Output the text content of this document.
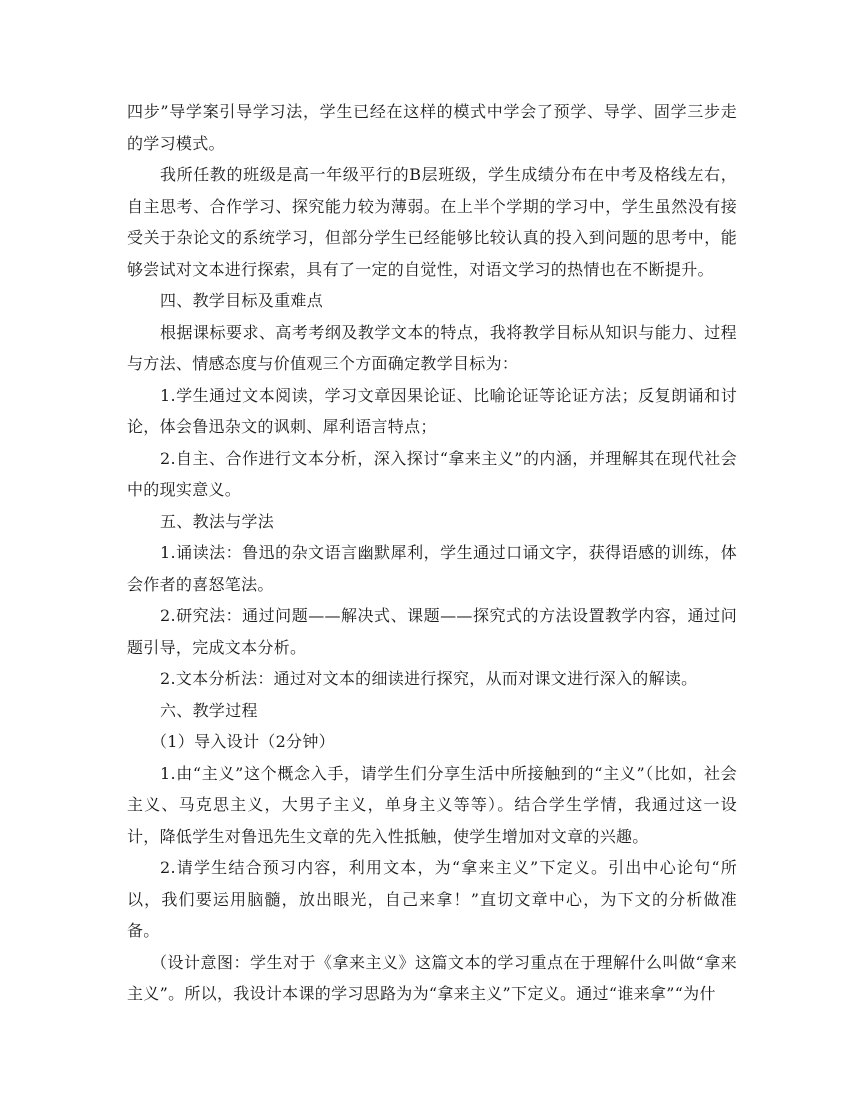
四步”导学案引导学习法，学生已经在这样的模式中学会了预学、导学、固学三步走的学习模式。

我所任教的班级是高一年级平行的B层班级，学生成绩分布在中考及格线左右，自主思考、合作学习、探究能力较为薄弱。在上半个学期的学习中，学生虽然没有接受关于杂论文的系统学习，但部分学生已经能够比较认真的投入到问题的思考中，能够尝试对文本进行探索，具有了一定的自觉性，对语文学习的热情也在不断提升。

四、教学目标及重难点

根据课标要求、高考考纲及教学文本的特点，我将教学目标从知识与能力、过程与方法、情感态度与价值观三个方面确定教学目标为：

1.学生通过文本阅读，学习文章因果论证、比喻论证等论证方法；反复朗诵和讨论，体会鲁迅杂文的讽刺、犀利语言特点；

2.自主、合作进行文本分析，深入探讨“拿来主义”的内涵，并理解其在现代社会中的现实意义。

五、教法与学法

1.诵读法：鲁迅的杂文语言幽默犀利，学生通过口诵文字，获得语感的训练，体会作者的喜怒笔法。

2.研究法：通过问题——解决式、课题——探究式的方法设置教学内容，通过问题引导，完成文本分析。

2.文本分析法：通过对文本的细读进行探究，从而对课文进行深入的解读。

六、教学过程

（1）导入设计（2分钟）

1.由“主义”这个概念入手，请学生们分享生活中所接触到的“主义”（比如，社会主义、马克思主义，大男子主义，单身主义等等）。结合学生学情，我通过这一设计，降低学生对鲁迅先生文章的先入性抵触，使学生增加对文章的兴趣。

2.请学生结合预习内容，利用文本，为“拿来主义”下定义。引出中心论句“所以，我们要运用脑髓，放出眼光，自己来拿！”直切文章中心，为下文的分析做准备。

（设计意图：学生对于《拿来主义》这篇文本的学习重点在于理解什么叫做“拿来主义”。所以，我设计本课的学习思路为为“拿来主义”下定义。通过“谁来拿”“为什
